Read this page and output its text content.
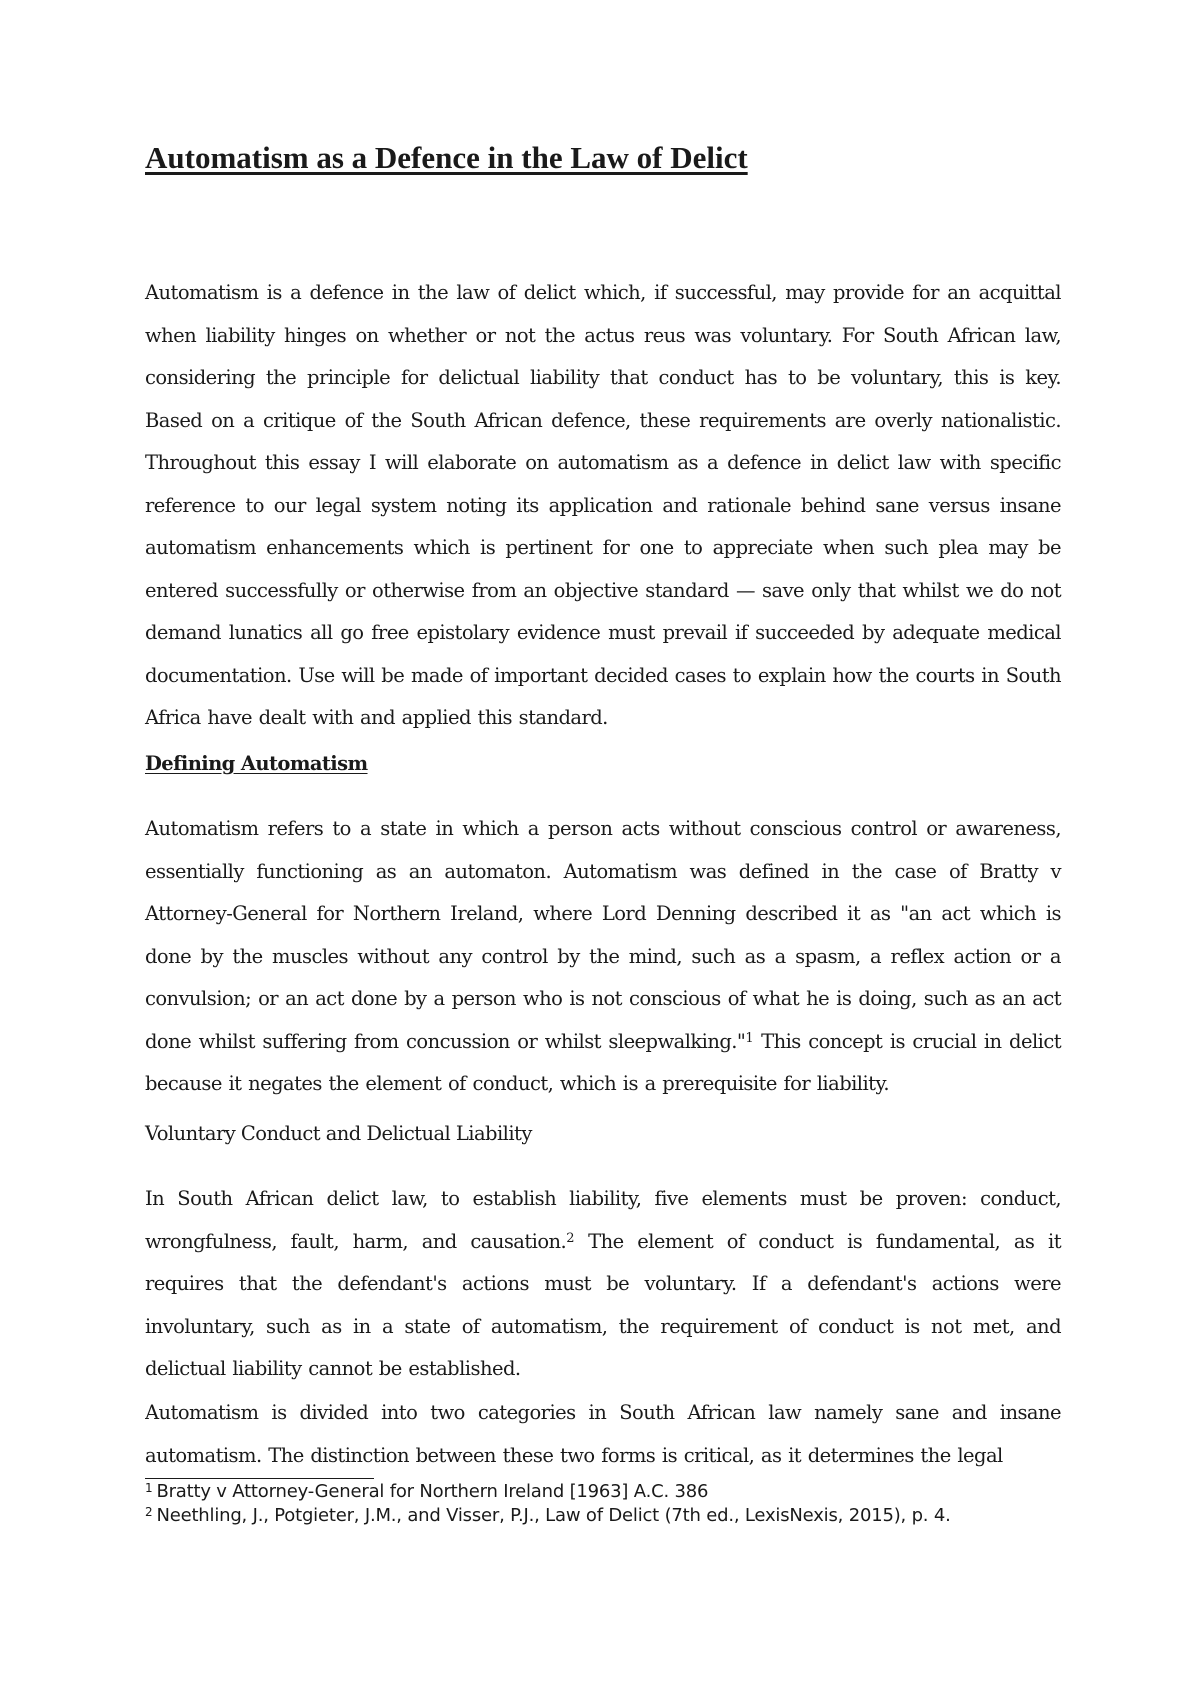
Automatism as a Defence in the Law of Delict

Automatism is a defence in the law of delict which, if successful, may provide for an acquittal when liability hinges on whether or not the actus reus was voluntary. For South African law, considering the principle for delictual liability that conduct has to be voluntary, this is key. Based on a critique of the South African defence, these requirements are overly nationalistic. Throughout this essay I will elaborate on automatism as a defence in delict law with specific reference to our legal system noting its application and rationale behind sane versus insane automatism enhancements which is pertinent for one to appreciate when such plea may be entered successfully or otherwise from an objective standard — save only that whilst we do not demand lunatics all go free epistolary evidence must prevail if succeeded by adequate medical documentation. Use will be made of important decided cases to explain how the courts in South Africa have dealt with and applied this standard.

Defining Automatism

Automatism refers to a state in which a person acts without conscious control or awareness, essentially functioning as an automaton. Automatism was defined in the case of Bratty v Attorney-General for Northern Ireland, where Lord Denning described it as "an act which is done by the muscles without any control by the mind, such as a spasm, a reflex action or a convulsion; or an act done by a person who is not conscious of what he is doing, such as an act done whilst suffering from concussion or whilst sleepwalking."$^1$ This concept is crucial in delict because it negates the element of conduct, which is a prerequisite for liability.

Voluntary Conduct and Delictual Liability

In South African delict law, to establish liability, five elements must be proven: conduct, wrongfulness, fault, harm, and causation.$^2$ The element of conduct is fundamental, as it requires that the defendant's actions must be voluntary. If a defendant's actions were involuntary, such as in a state of automatism, the requirement of conduct is not met, and delictual liability cannot be established.

Automatism is divided into two categories in South African law namely sane and insane automatism. The distinction between these two forms is critical, as it determines the legal

$^1$ Bratty v Attorney-General for Northern Ireland [1963] A.C. 386

$^2$ Neethling, J., Potgieter, J.M., and Visser, P.J., Law of Delict (7th ed., LexisNexis, 2015), p. 4.
